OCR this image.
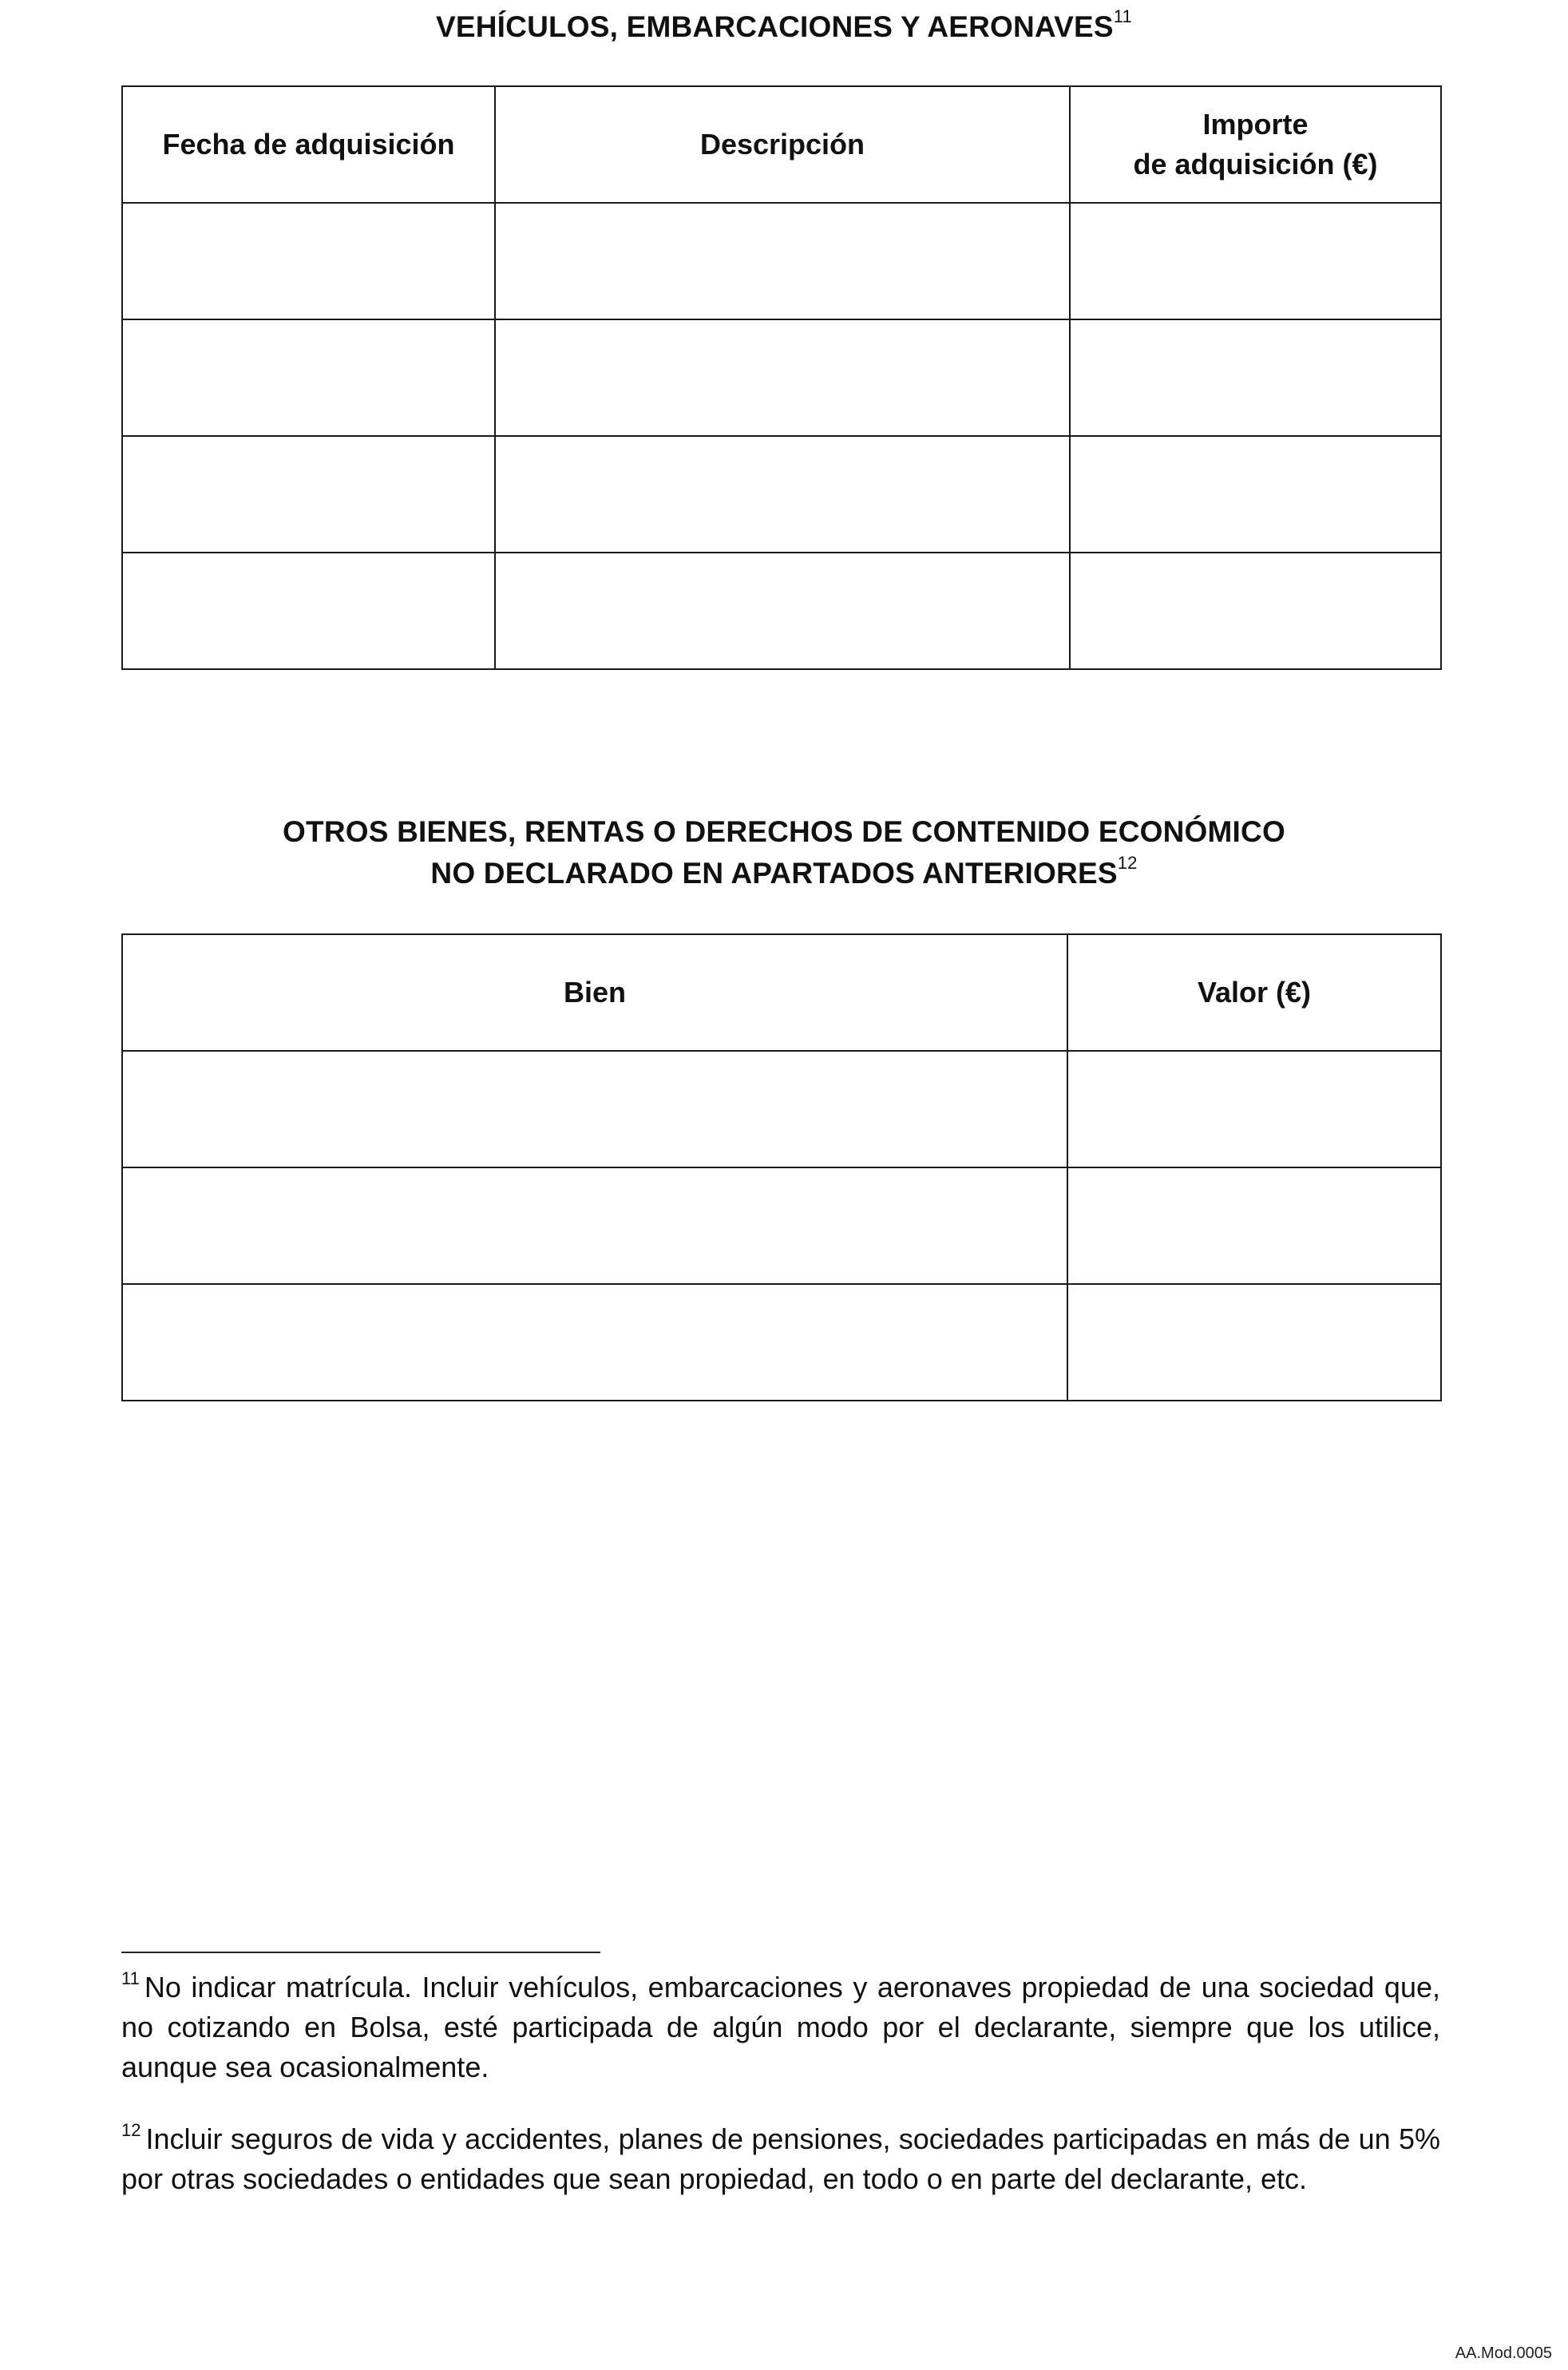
VEHÍCULOS, EMBARCACIONES Y AERONAVES$^{11}$
Fecha de adquisición	Descripción	Importe
de adquisición (€)

OTROS BIENES, RENTAS O DERECHOS DE CONTENIDO ECONÓMICO
NO DECLARADO EN APARTADOS ANTERIORES$^{12}$
Bien	Valor (€)

$^{11}$ No indicar matrícula. Incluir vehículos, embarcaciones y aeronaves propiedad de una sociedad que, no cotizando en Bolsa, esté participada de algún modo por el declarante, siempre que los utilice, aunque sea ocasionalmente.
$^{12}$ Incluir seguros de vida y accidentes, planes de pensiones, sociedades participadas en más de un 5% por otras sociedades o entidades que sean propiedad, en todo o en parte del declarante, etc.
AA.Mod.0005
